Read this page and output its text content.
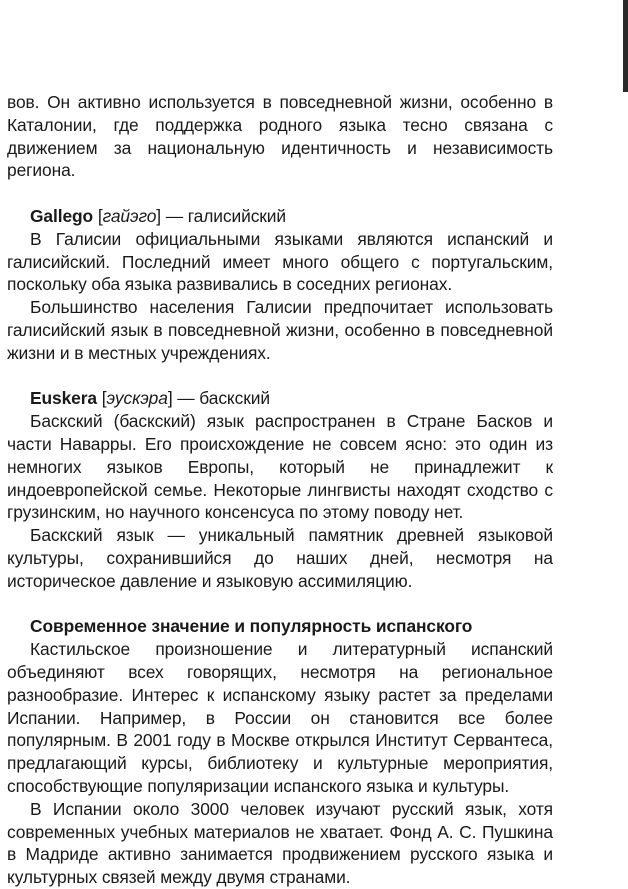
вов. Он активно используется в повседневной жизни, особенно в Каталонии, где поддержка родного языка тесно связана с движением за национальную идентичность и независимость региона.

Gallego [гайэго] — галисийский

В Галисии официальными языками являются испанский и галисийский. Последний имеет много общего с португальским, поскольку оба языка развивались в соседних регионах.

Большинство населения Галисии предпочитает использовать галисийский язык в повседневной жизни, особенно в повседневной жизни и в местных учреждениях.

Euskera [эускэра] — баскский

Баскский (баскский) язык распространен в Стране Басков и части Наварры. Его происхождение не совсем ясно: это один из немногих языков Европы, который не принадлежит к индоевропейской семье. Некоторые лингвисты находят сходство с грузинским, но научного консенсуса по этому поводу нет.

Баскский язык — уникальный памятник древней языковой культуры, сохранившийся до наших дней, несмотря на историческое давление и языковую ассимиляцию.

Современное значение и популярность испанского

Кастильское произношение и литературный испанский объединяют всех говорящих, несмотря на региональное разнообразие. Интерес к испанскому языку растет за пределами Испании. Например, в России он становится все более популярным. В 2001 году в Москве открылся Институт Сервантеса, предлагающий курсы, библиотеку и культурные мероприятия, способствующие популяризации испанского языка и культуры.

В Испании около 3000 человек изучают русский язык, хотя современных учебных материалов не хватает. Фонд А. С. Пушкина в Мадриде активно занимается продвижением русского языка и культурных связей между двумя странами.
